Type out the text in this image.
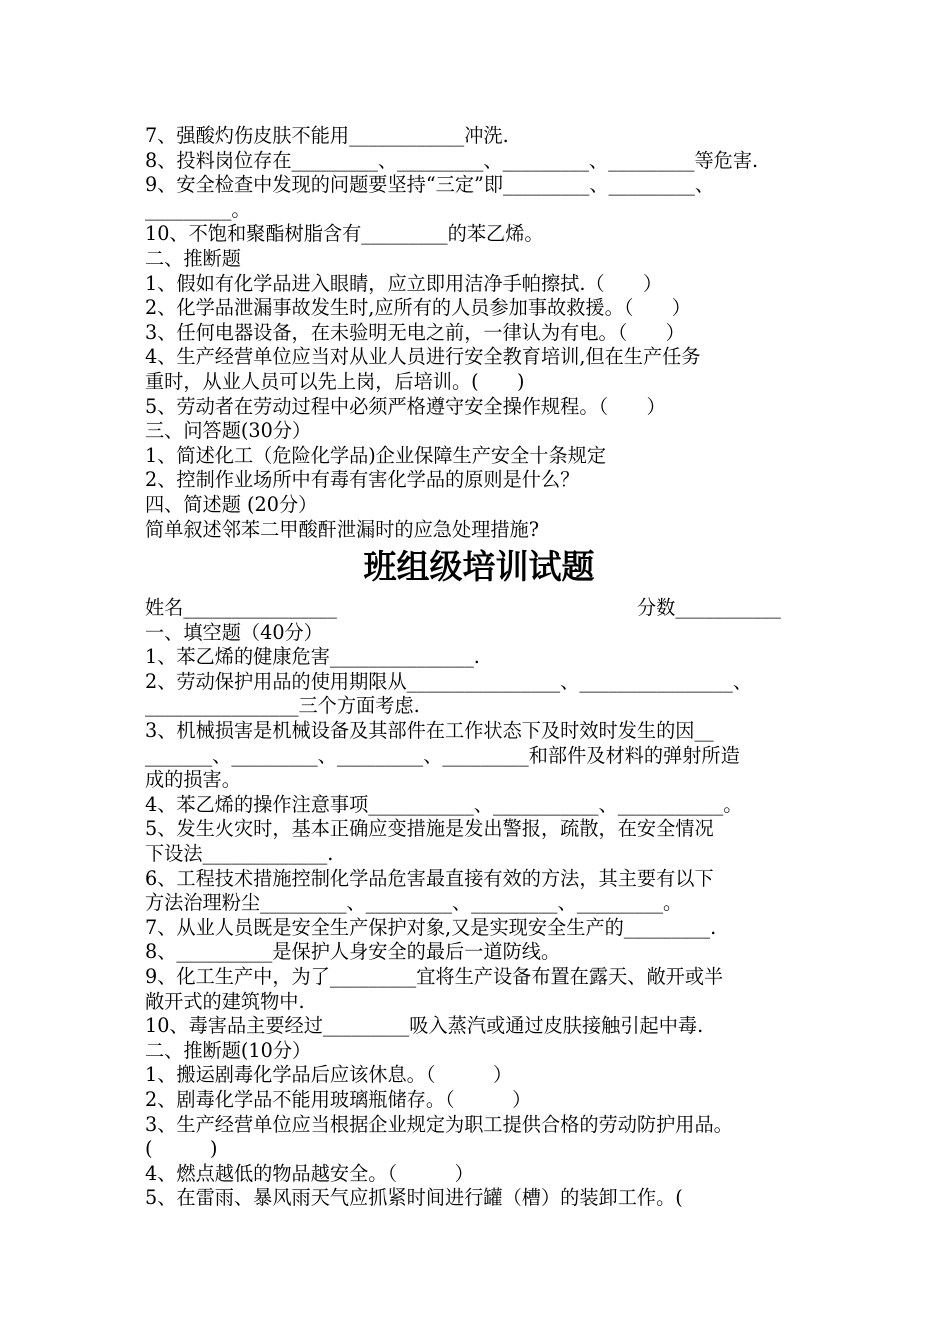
7、强酸灼伤皮肤不能用____________冲洗.
8、投料岗位存在_________、_________、_________、_________等危害.
9、安全检查中发现的问题要坚持“三定”即_________、_________、
_________。
10、不饱和聚酯树脂含有_________的苯乙烯。
二、推断题
1、假如有化学品进入眼睛，应立即用洁净手帕擦拭.（　　）
2、化学品泄漏事故发生时,应所有的人员参加事故救援。（　　）
3、任何电器设备，在未验明无电之前，一律认为有电。（　　）
4、生产经营单位应当对从业人员进行安全教育培训,但在生产任务
重时，从业人员可以先上岗，后培训。(　　)
5、劳动者在劳动过程中必须严格遵守安全操作规程。（　　）
三、问答题(30分）
1、简述化工（危险化学品)企业保障生产安全十条规定
2、控制作业场所中有毒有害化学品的原则是什么？
四、简述题 (20分）
简单叙述邻苯二甲酸酐泄漏时的应急处理措施?
班组级培训试题
姓名________________	分数___________
一、填空题（40分）
1、苯乙烯的健康危害_______________.
2、劳动保护用品的使用期限从________________、________________、
________________三个方面考虑.
3、机械损害是机械设备及其部件在工作状态下及时效时发生的因__
_______、_________、_________、_________和部件及材料的弹射所造
成的损害。
4、苯乙烯的操作注意事项___________、___________、___________。
5、发生火灾时，基本正确应变措施是发出警报，疏散，在安全情况
下设法_____________.
6、工程技术措施控制化学品危害最直接有效的方法，其主要有以下
方法治理粉尘_________、_________、_________、_________。
7、从业人员既是安全生产保护对象,又是实现安全生产的_________.
8、__________是保护人身安全的最后一道防线。
9、化工生产中，为了_________宜将生产设备布置在露天、敞开或半
敞开式的建筑物中.
10、毒害品主要经过_________吸入蒸汽或通过皮肤接触引起中毒.
二、推断题(10分）
1、搬运剧毒化学品后应该休息。（　　　）
2、剧毒化学品不能用玻璃瓶储存。（　　　）
3、生产经营单位应当根据企业规定为职工提供合格的劳动防护用品。
(　　　)
4、燃点越低的物品越安全。（　　　）
5、在雷雨、暴风雨天气应抓紧时间进行罐（槽）的装卸工作。(
